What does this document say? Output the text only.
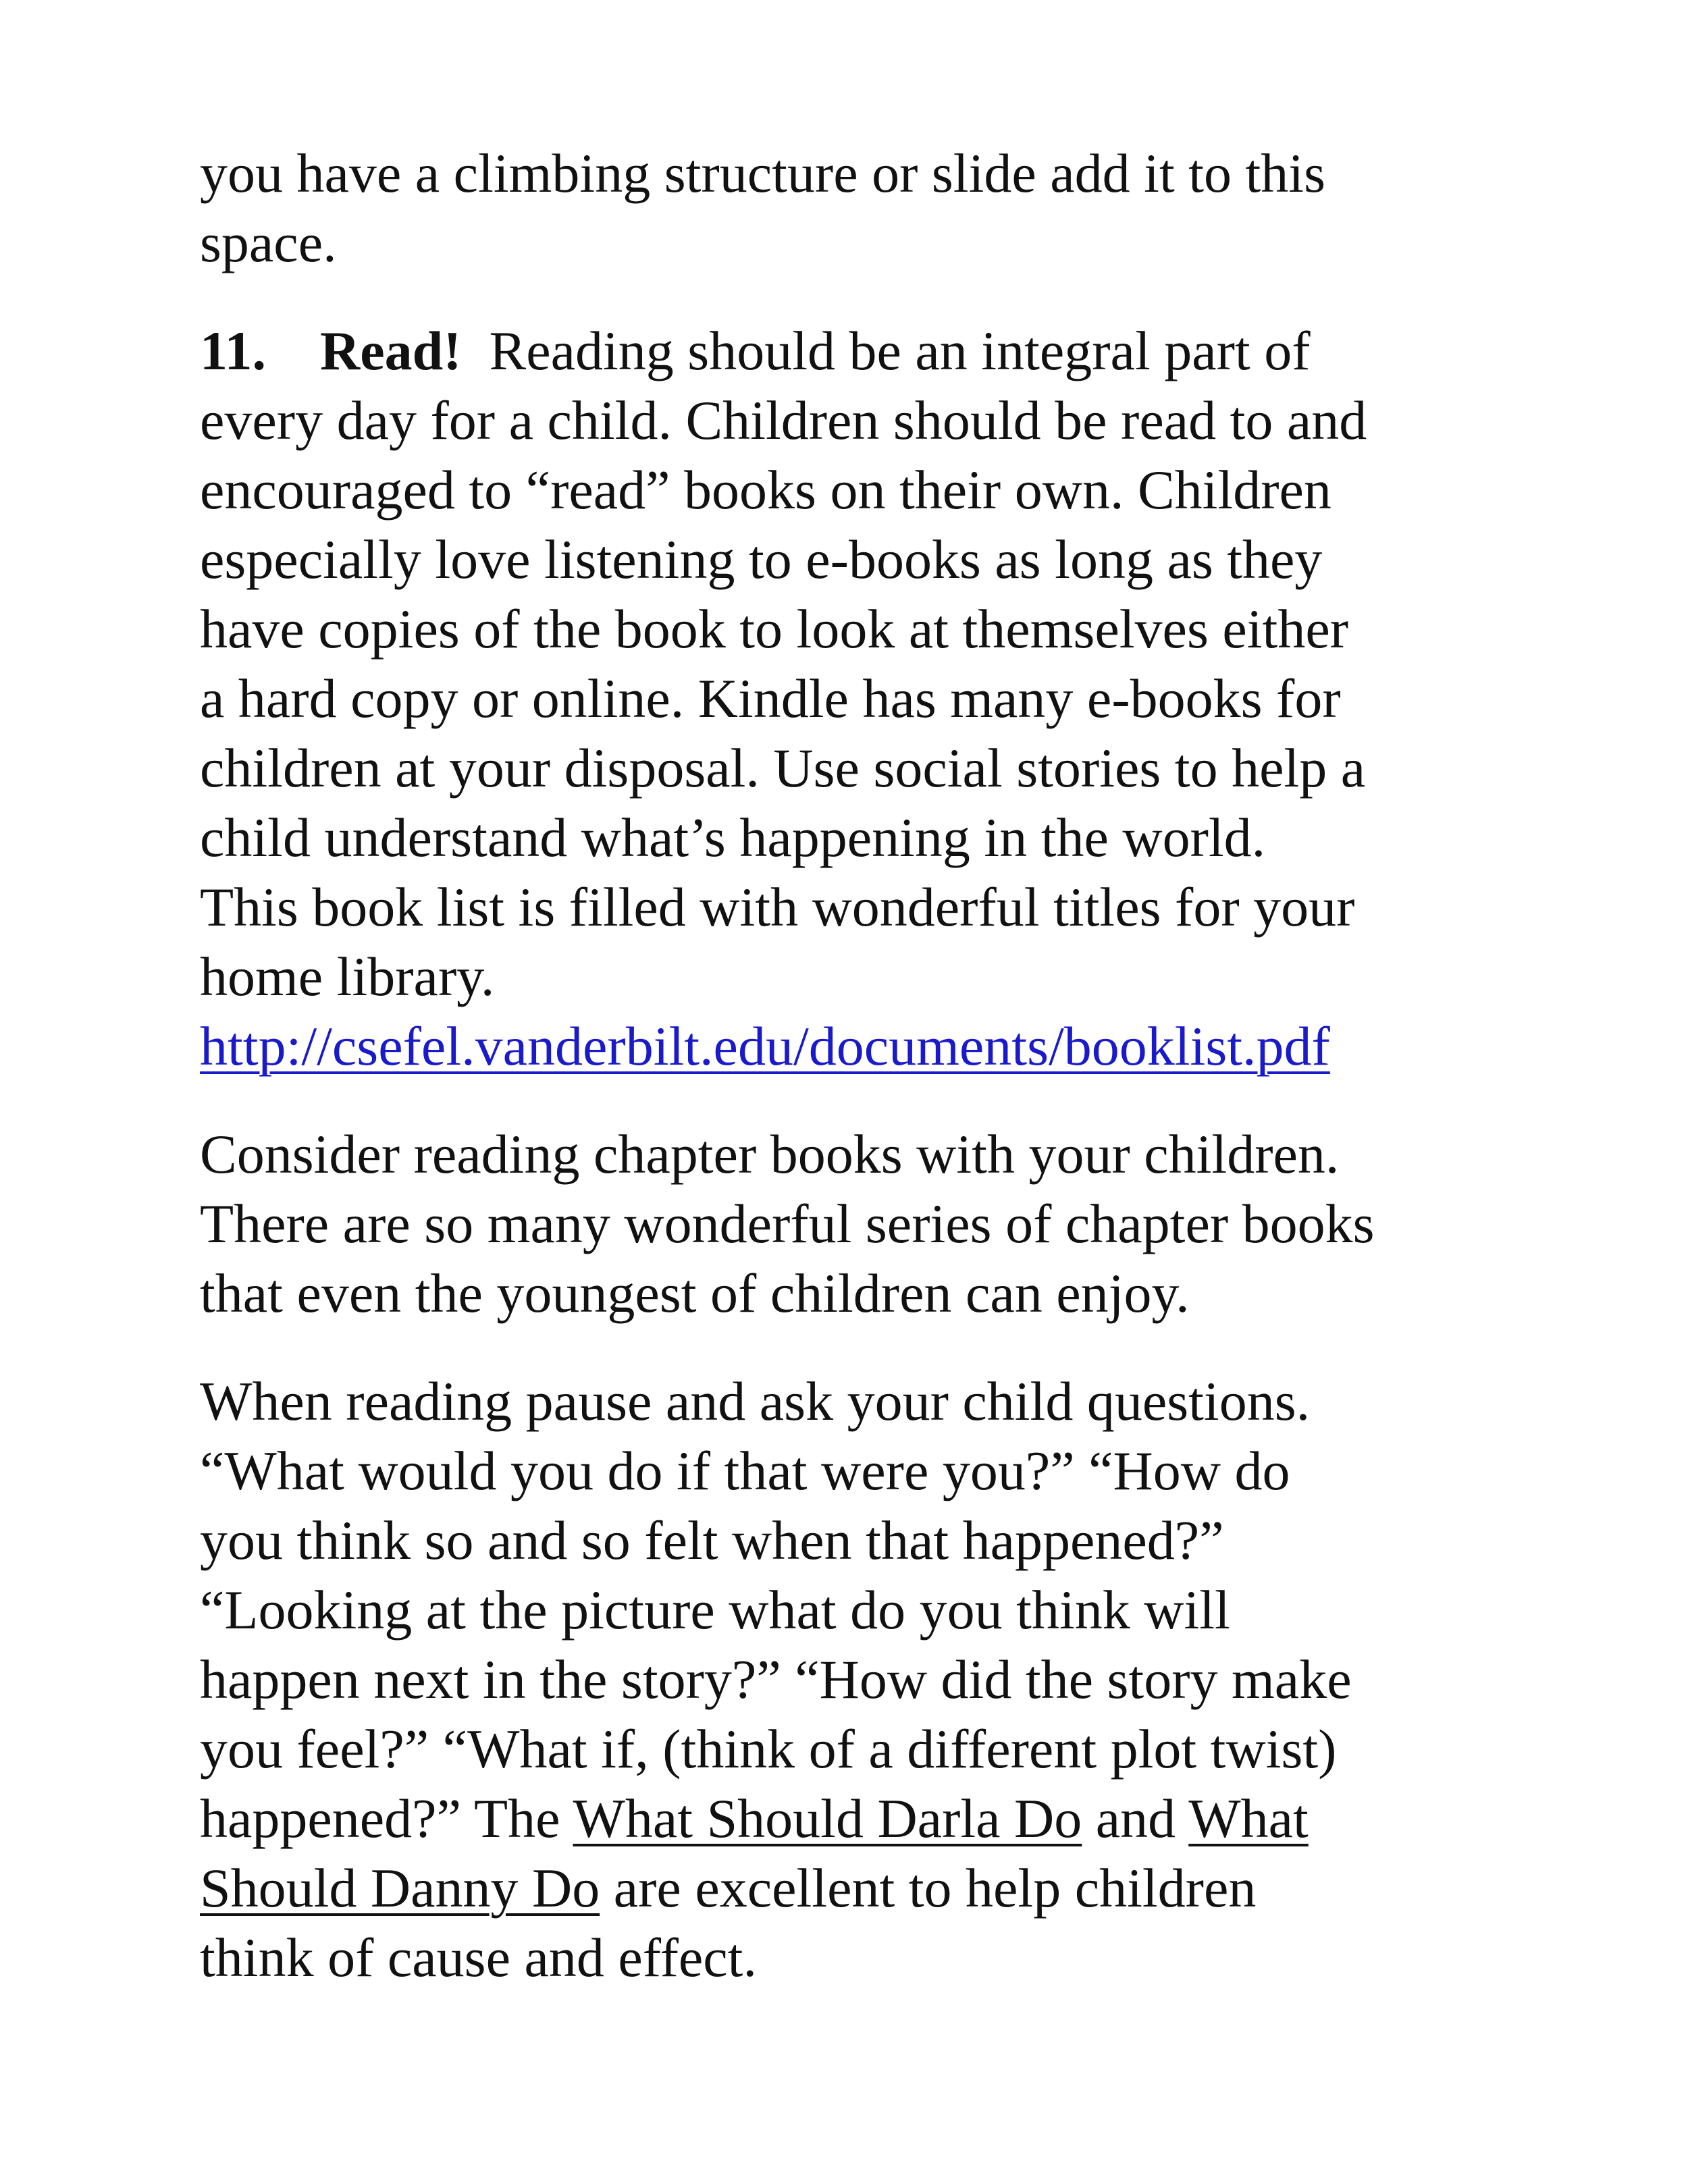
you have a climbing structure or slide add it to this
space.

11. Read!  Reading should be an integral part of
every day for a child. Children should be read to and
encouraged to “read” books on their own. Children
especially love listening to e-books as long as they
have copies of the book to look at themselves either
a hard copy or online. Kindle has many e-books for
children at your disposal. Use social stories to help a
child understand what’s happening in the world.
This book list is filled with wonderful titles for your
home library.
http://csefel.vanderbilt.edu/documents/booklist.pdf

Consider reading chapter books with your children.
There are so many wonderful series of chapter books
that even the youngest of children can enjoy.

When reading pause and ask your child questions.
“What would you do if that were you?” “How do
you think so and so felt when that happened?”
“Looking at the picture what do you think will
happen next in the story?” “How did the story make
you feel?” “What if, (think of a different plot twist)
happened?” The What Should Darla Do and What
Should Danny Do are excellent to help children
think of cause and effect.
